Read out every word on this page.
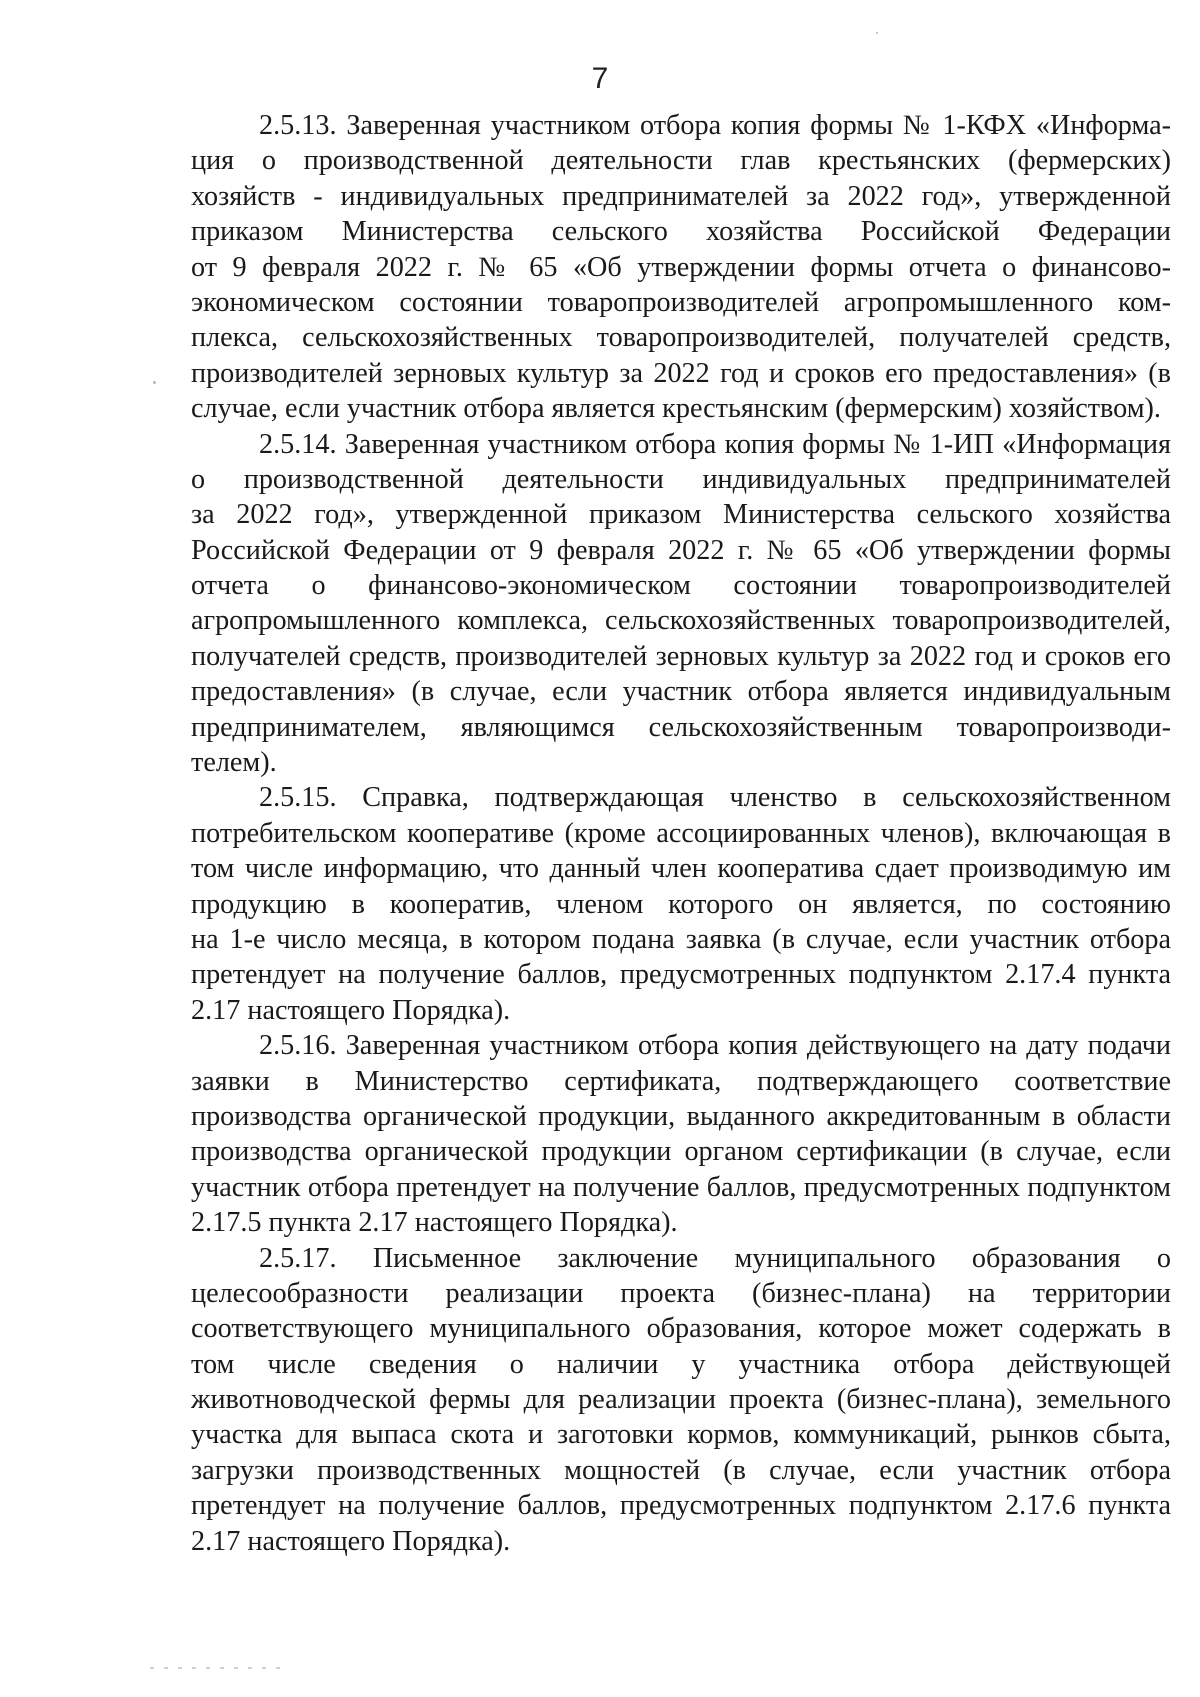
7
2.5.13. Заверенная участником отбора копия формы № 1-КФХ «Информа-
ция о производственной деятельности глав крестьянских (фермерских)
хозяйств - индивидуальных предпринимателей за 2022 год», утвержденной
приказом Министерства сельского хозяйства Российской Федерации
от 9 февраля 2022 г. № 65 «Об утверждении формы отчета о финансово-
экономическом состоянии товаропроизводителей агропромышленного ком-
плекса, сельскохозяйственных товаропроизводителей, получателей средств,
производителей зерновых культур за 2022 год и сроков его предоставления» (в
случае, если участник отбора является крестьянским (фермерским) хозяйством).
2.5.14. Заверенная участником отбора копия формы № 1-ИП «Информация
о производственной деятельности индивидуальных предпринимателей
за 2022 год», утвержденной приказом Министерства сельского хозяйства
Российской Федерации от 9 февраля 2022 г. № 65 «Об утверждении формы
отчета о финансово-экономическом состоянии товаропроизводителей
агропромышленного комплекса, сельскохозяйственных товаропроизводителей,
получателей средств, производителей зерновых культур за 2022 год и сроков его
предоставления» (в случае, если участник отбора является индивидуальным
предпринимателем, являющимся сельскохозяйственным товаропроизводи-
телем).
2.5.15. Справка, подтверждающая членство в сельскохозяйственном
потребительском кооперативе (кроме ассоциированных членов), включающая в
том числе информацию, что данный член кооператива сдает производимую им
продукцию в кооператив, членом которого он является, по состоянию
на 1-е число месяца, в котором подана заявка (в случае, если участник отбора
претендует на получение баллов, предусмотренных подпунктом 2.17.4 пункта
2.17 настоящего Порядка).
2.5.16. Заверенная участником отбора копия действующего на дату подачи
заявки в Министерство сертификата, подтверждающего соответствие
производства органической продукции, выданного аккредитованным в области
производства органической продукции органом сертификации (в случае, если
участник отбора претендует на получение баллов, предусмотренных подпунктом
2.17.5 пункта 2.17 настоящего Порядка).
2.5.17. Письменное заключение муниципального образования о
целесообразности реализации проекта (бизнес-плана) на территории
соответствующего муниципального образования, которое может содержать в
том числе сведения о наличии у участника отбора действующей
животноводческой фермы для реализации проекта (бизнес-плана), земельного
участка для выпаса скота и заготовки кормов, коммуникаций, рынков сбыта,
загрузки производственных мощностей (в случае, если участник отбора
претендует на получение баллов, предусмотренных подпунктом 2.17.6 пункта
2.17 настоящего Порядка).
